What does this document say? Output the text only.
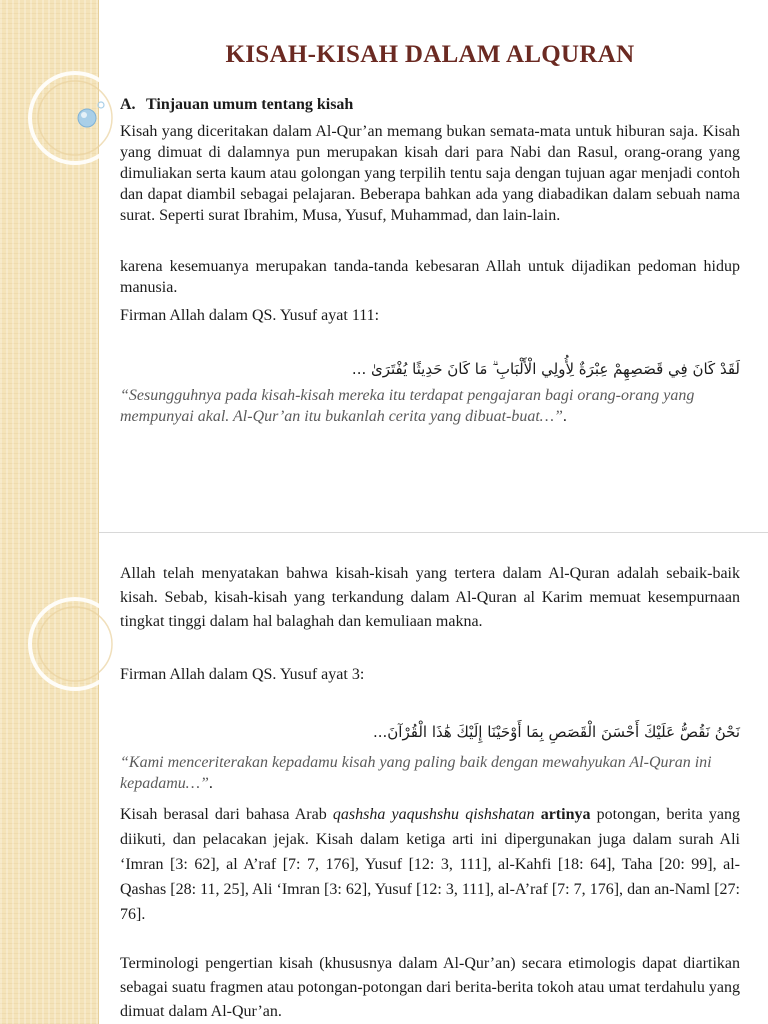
KISAH-KISAH DALAM ALQURAN
A. Tinjauan umum tentang kisah

Kisah yang diceritakan dalam Al-Qur’an memang bukan semata-mata untuk hiburan saja. Kisah yang dimuat di dalamnya pun merupakan kisah dari para Nabi dan Rasul, orang-orang yang dimuliakan serta kaum atau golongan yang terpilih tentu saja dengan tujuan agar menjadi contoh dan dapat diambil sebagai pelajaran. Beberapa bahkan ada yang diabadikan dalam sebuah nama surat. Seperti surat Ibrahim, Musa, Yusuf, Muhammad, dan lain-lain.

karena kesemuanya merupakan tanda-tanda kebesaran Allah untuk dijadikan pedoman hidup manusia.

Firman Allah dalam QS. Yusuf ayat 111:

لَقَدْ كَانَ فِي قَصَصِهِمْ عِبْرَةٌ لِأُولِي الْأَلْبَابِ ۗ مَا كَانَ حَدِيثًا يُفْتَرَىٰ ...

“Sesungguhnya pada kisah-kisah mereka itu terdapat pengajaran bagi orang-orang yang mempunyai akal. Al-Qur’an itu bukanlah cerita yang dibuat-buat…”.

Allah telah menyatakan bahwa kisah-kisah yang tertera dalam Al-Quran adalah sebaik-baik kisah. Sebab, kisah-kisah yang terkandung dalam Al-Quran al Karim memuat kesempurnaan tingkat tinggi dalam hal balaghah dan kemuliaan makna.

Firman Allah dalam QS. Yusuf ayat 3:

نَحْنُ نَقُصُّ عَلَيْكَ أَحْسَنَ الْقَصَصِ بِمَا أَوْحَيْنَا إِلَيْكَ هَٰذَا الْقُرْآنَ...

“Kami menceriterakan kepadamu kisah yang paling baik dengan mewahyukan Al-Quran ini kepadamu…”.

Kisah berasal dari bahasa Arab qashsha yaqushshu qishshatan artinya potongan, berita yang diikuti, dan pelacakan jejak. Kisah dalam ketiga arti ini dipergunakan juga dalam surah Ali ‘Imran [3: 62], al A’raf [7: 7, 176], Yusuf [12: 3, 111], al-Kahfi [18: 64], Taha [20: 99], al-Qashas [28: 11, 25], Ali ‘Imran [3: 62], Yusuf [12: 3, 111], al-A’raf [7: 7, 176], dan an-Naml [27: 76].

Terminologi pengertian kisah (khususnya dalam Al-Qur’an) secara etimologis dapat diartikan sebagai suatu fragmen atau potongan-potongan dari berita-berita tokoh atau umat terdahulu yang dimuat dalam Al-Qur’an.
